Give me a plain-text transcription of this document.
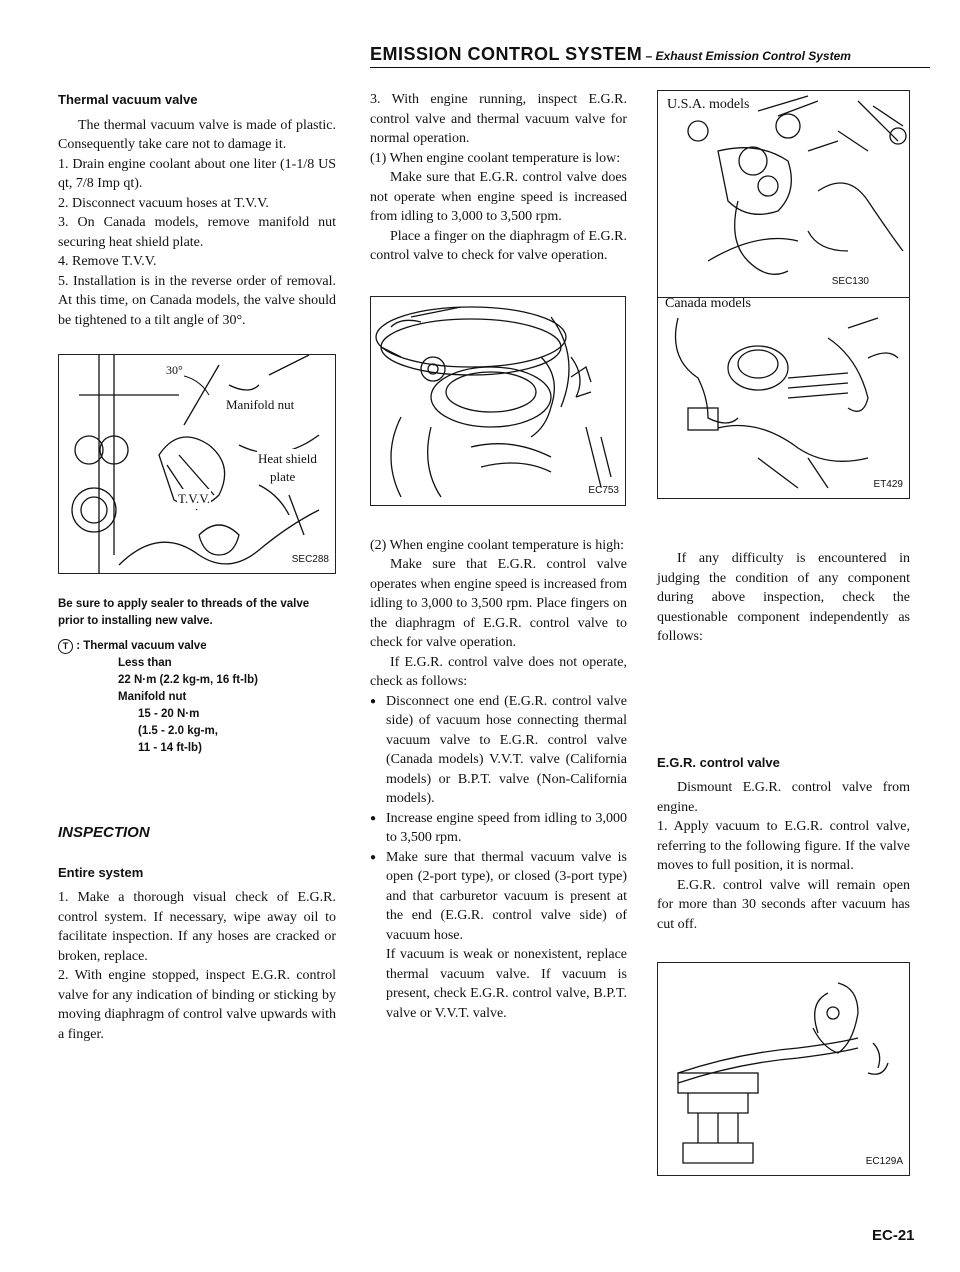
EMISSION CONTROL SYSTEM – Exhaust Emission Control System
Thermal vacuum valve

The thermal vacuum valve is made of plastic. Consequently take care not to damage it.

1. Drain engine coolant about one liter (1-1/8 US qt, 7/8 Imp qt).

2. Disconnect vacuum hoses at T.V.V.

3. On Canada models, remove manifold nut securing heat shield plate.

4. Remove T.V.V.

5. Installation is in the reverse order of removal. At this time, on Canada models, the valve should be tightened to a tilt angle of 30°.

30°
Manifold nut
Heat shield
plate
T.V.V.
SEC288
Be sure to apply sealer to threads of the valve prior to installing new valve.
T : Thermal vacuum valve
Less than
22 N·m (2.2 kg-m, 16 ft-lb)
Manifold nut
15 - 20 N·m
(1.5 - 2.0 kg-m,
11 - 14 ft-lb)
INSPECTION
Entire system

1. Make a thorough visual check of E.G.R. control system. If necessary, wipe away oil to facilitate inspection. If any hoses are cracked or broken, replace.

2. With engine stopped, inspect E.G.R. control valve for any indication of binding or sticking by moving diaphragm of control valve upwards with a finger.

3. With engine running, inspect E.G.R. control valve and thermal vacuum valve for normal operation.

(1) When engine coolant temperature is low:

Make sure that E.G.R. control valve does not operate when engine speed is increased from idling to 3,000 to 3,500 rpm.

Place a finger on the diaphragm of E.G.R. control valve to check for valve operation.

EC753

(2) When engine coolant temperature is high:

Make sure that E.G.R. control valve operates when engine speed is increased from idling to 3,000 to 3,500 rpm. Place fingers on the diaphragm of E.G.R. control valve to check for valve operation.

If E.G.R. control valve does not operate, check as follows:

● Disconnect one end (E.G.R. control valve side) of vacuum hose connecting thermal vacuum valve to E.G.R. control valve (Canada models) V.V.T. valve (California models) or B.P.T. valve (Non-California models).
● Increase engine speed from idling to 3,000 to 3,500 rpm.
● Make sure that thermal vacuum valve is open (2-port type), or closed (3-port type) and that carburetor vacuum is present at the end (E.G.R. control valve side) of vacuum hose.

If vacuum is weak or nonexistent, replace thermal vacuum valve. If vacuum is present, check E.G.R. control valve, B.P.T. valve or V.V.T. valve.

U.S.A. models
SEC130
Canada models
ET429

If any difficulty is encountered in judging the condition of any component during above inspection, check the questionable component independently as follows:

E.G.R. control valve

Dismount E.G.R. control valve from engine.

1. Apply vacuum to E.G.R. control valve, referring to the following figure. If the valve moves to full position, it is normal.

E.G.R. control valve will remain open for more than 30 seconds after vacuum has cut off.

EC129A
EC-21
